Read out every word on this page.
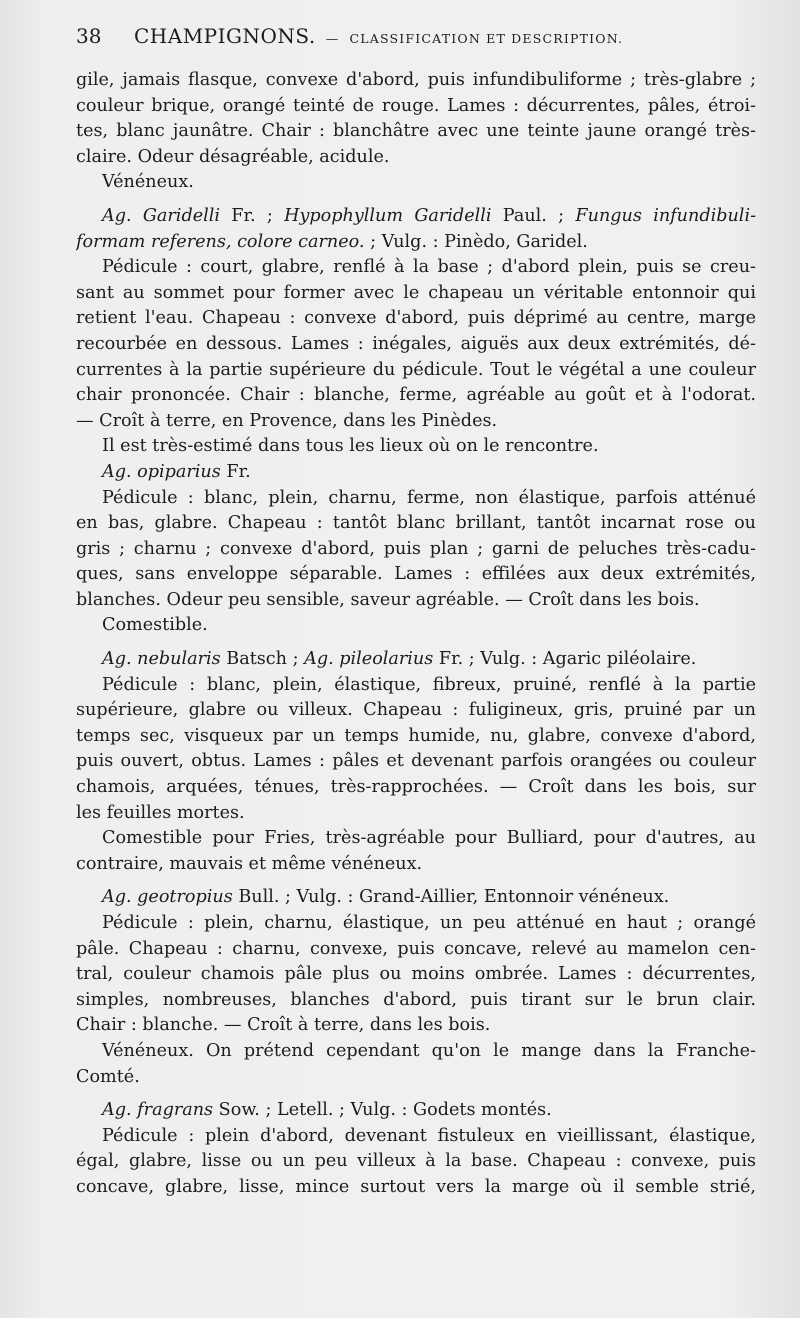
38	CHAMPIGNONS. — CLASSIFICATION ET DESCRIPTION.
gile, jamais flasque, convexe d'abord, puis infundibuliforme ; très-glabre ;
couleur brique, orangé teinté de rouge. Lames : décurrentes, pâles, étroi-
tes, blanc jaunâtre. Chair : blanchâtre avec une teinte jaune orangé très-
claire. Odeur désagréable, acidule.
Vénéneux.
Ag. Garidelli Fr. ; Hypophyllum Garidelli Paul. ; Fungus infundibuli-
formam referens, colore carneo. ; Vulg. : Pinèdo, Garidel.
Pédicule : court, glabre, renflé à la base ; d'abord plein, puis se creu-
sant au sommet pour former avec le chapeau un véritable entonnoir qui
retient l'eau. Chapeau : convexe d'abord, puis déprimé au centre, marge
recourbée en dessous. Lames : inégales, aiguës aux deux extrémités, dé-
currentes à la partie supérieure du pédicule. Tout le végétal a une couleur
chair prononcée. Chair : blanche, ferme, agréable au goût et à l'odorat.
— Croît à terre, en Provence, dans les Pinèdes.
Il est très-estimé dans tous les lieux où on le rencontre.
Ag. opiparius Fr.
Pédicule : blanc, plein, charnu, ferme, non élastique, parfois atténué
en bas, glabre. Chapeau : tantôt blanc brillant, tantôt incarnat rose ou
gris ; charnu ; convexe d'abord, puis plan ; garni de peluches très-cadu-
ques, sans enveloppe séparable. Lames : effilées aux deux extrémités,
blanches. Odeur peu sensible, saveur agréable. — Croît dans les bois.
Comestible.
Ag. nebularis Batsch ; Ag. pileolarius Fr. ; Vulg. : Agaric piléolaire.
Pédicule : blanc, plein, élastique, fibreux, pruiné, renflé à la partie
supérieure, glabre ou villeux. Chapeau : fuligineux, gris, pruiné par un
temps sec, visqueux par un temps humide, nu, glabre, convexe d'abord,
puis ouvert, obtus. Lames : pâles et devenant parfois orangées ou couleur
chamois, arquées, ténues, très-rapprochées. — Croît dans les bois, sur
les feuilles mortes.
Comestible pour Fries, très-agréable pour Bulliard, pour d'autres, au
contraire, mauvais et même vénéneux.
Ag. geotropius Bull. ; Vulg. : Grand-Aillier, Entonnoir vénéneux.
Pédicule : plein, charnu, élastique, un peu atténué en haut ; orangé
pâle. Chapeau : charnu, convexe, puis concave, relevé au mamelon cen-
tral, couleur chamois pâle plus ou moins ombrée. Lames : décurrentes,
simples, nombreuses, blanches d'abord, puis tirant sur le brun clair.
Chair : blanche. — Croît à terre, dans les bois.
Vénéneux. On prétend cependant qu'on le mange dans la Franche-
Comté.
Ag. fragrans Sow. ; Letell. ; Vulg. : Godets montés.
Pédicule : plein d'abord, devenant fistuleux en vieillissant, élastique,
égal, glabre, lisse ou un peu villeux à la base. Chapeau : convexe, puis
concave, glabre, lisse, mince surtout vers la marge où il semble strié,
